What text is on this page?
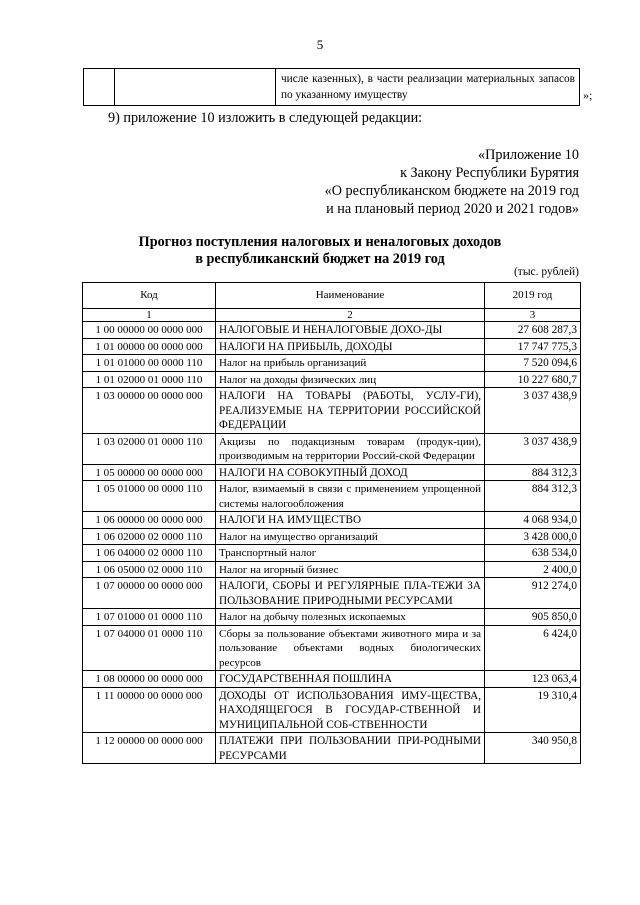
5

числе казенных), в части реализации материальных запасов по указанному имуществу	»;
9) приложение 10 изложить в следующей редакции:
«Приложение 10
к Закону Республики Бурятия
«О республиканском бюджете на 2019 год
и на плановый период 2020 и 2021 годов»
Прогноз поступления налоговых и неналоговых доходов
в республиканский бюджет на 2019 год
(тыс. рублей)
Код	Наименование	2019 год
1	2	3
1 00 00000 00 0000 000	НАЛОГОВЫЕ И НЕНАЛОГОВЫЕ ДОХО-ДЫ	27 608 287,3
1 01 00000 00 0000 000	НАЛОГИ НА ПРИБЫЛЬ, ДОХОДЫ	17 747 775,3
1 01 01000 00 0000 110	Налог на прибыль организаций	7 520 094,6
1 01 02000 01 0000 110	Налог на доходы физических лиц	10 227 680,7
1 03 00000 00 0000 000	НАЛОГИ НА ТОВАРЫ (РАБОТЫ, УСЛУ-ГИ), РЕАЛИЗУЕМЫЕ НА ТЕРРИТОРИИ РОССИЙСКОЙ ФЕДЕРАЦИИ	3 037 438,9
1 03 02000 01 0000 110	Акцизы по подакцизным товарам (продук-ции), производимым на территории Россий-ской Федерации	3 037 438,9
1 05 00000 00 0000 000	НАЛОГИ НА СОВОКУПНЫЙ ДОХОД	884 312,3
1 05 01000 00 0000 110	Налог, взимаемый в связи с применением упрощенной системы налогообложения	884 312,3
1 06 00000 00 0000 000	НАЛОГИ НА ИМУЩЕСТВО	4 068 934,0
1 06 02000 02 0000 110	Налог на имущество организаций	3 428 000,0
1 06 04000 02 0000 110	Транспортный налог	638 534,0
1 06 05000 02 0000 110	Налог на игорный бизнес	2 400,0
1 07 00000 00 0000 000	НАЛОГИ, СБОРЫ И РЕГУЛЯРНЫЕ ПЛА-ТЕЖИ ЗА ПОЛЬЗОВАНИЕ ПРИРОДНЫМИ РЕСУРСАМИ	912 274,0
1 07 01000 01 0000 110	Налог на добычу полезных ископаемых	905 850,0
1 07 04000 01 0000 110	Сборы за пользование объектами животного мира и за пользование объектами водных биологических ресурсов	6 424,0
1 08 00000 00 0000 000	ГОСУДАРСТВЕННАЯ ПОШЛИНА	123 063,4
1 11 00000 00 0000 000	ДОХОДЫ ОТ ИСПОЛЬЗОВАНИЯ ИМУ-ЩЕСТВА, НАХОДЯЩЕГОСЯ В ГОСУДАР-СТВЕННОЙ И МУНИЦИПАЛЬНОЙ СОБ-СТВЕННОСТИ	19 310,4
1 12 00000 00 0000 000	ПЛАТЕЖИ ПРИ ПОЛЬЗОВАНИИ ПРИ-РОДНЫМИ РЕСУРСАМИ	340 950,8
